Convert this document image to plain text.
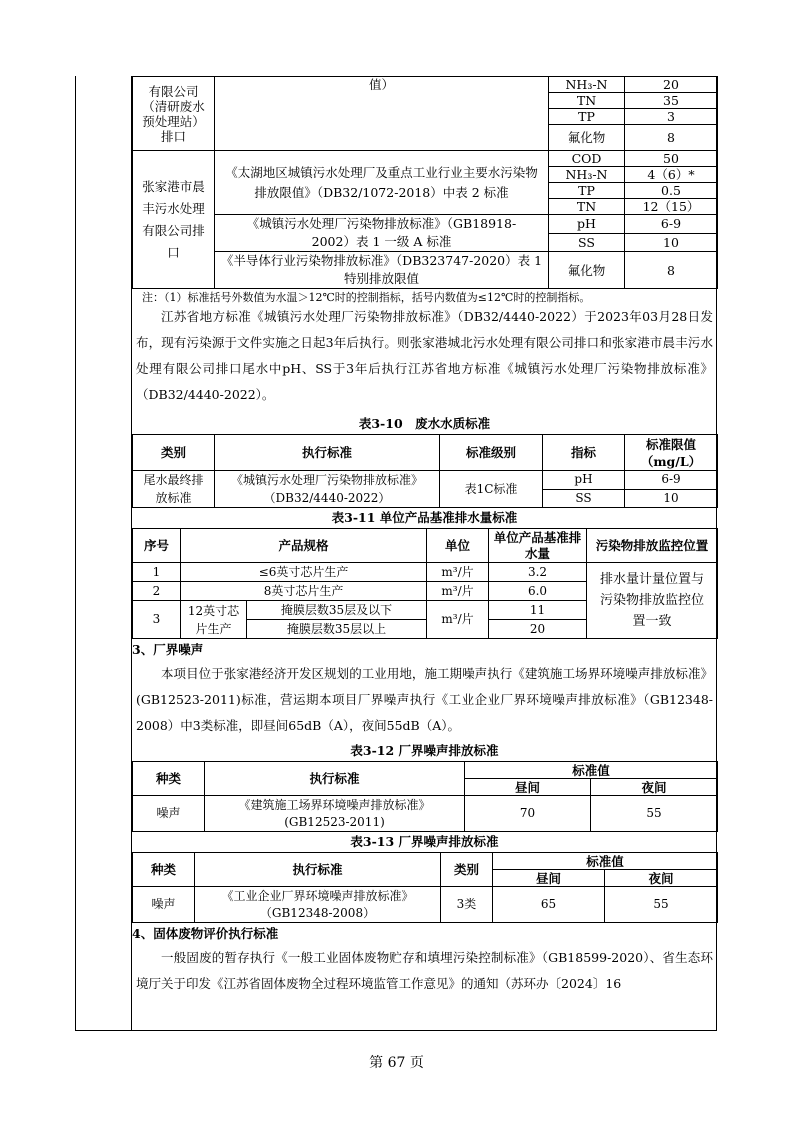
有限公司（清研废水预处理站）排口	值）	NH₃-N	20
		TN	35
		TP	3
		氟化物	8
张家港市晨丰污水处理有限公司排口	《太湖地区城镇污水处理厂及重点工业行业主要水污染物排放限值》（DB32/1072-2018）中表 2 标准	COD	50
		NH₃-N	4（6）*
		TP	0.5
		TN	12（15）
	《城镇污水处理厂污染物排放标准》（GB18918-2002）表 1 一级 A 标准	pH	6-9
		SS	10
	《半导体行业污染物排放标准》（DB323747-2020）表 1 特别排放限值	氟化物	8
注：（1）标准括号外数值为水温＞12℃时的控制指标，括号内数值为≤12℃时的控制指标。

江苏省地方标准《城镇污水处理厂污染物排放标准》（DB32/4440-2022）于2023年03月28日发布，现有污染源于文件实施之日起3年后执行。则张家港城北污水处理有限公司排口和张家港市晨丰污水处理有限公司排口尾水中pH、SS于3年后执行江苏省地方标准《城镇污水处理厂污染物排放标准》（DB32/4440-2022）。

表3-10　废水水质标准
类别	执行标准	标准级别	指标	标准限值（mg/L）
尾水最终排放标准	《城镇污水处理厂污染物排放标准》（DB32/4440-2022）	表1C标准	pH	6-9
			SS	10
表3-11 单位产品基准排水量标准
序号	产品规格		单位	单位产品基准排水量	污染物排放监控位置
1	≤6英寸芯片生产		m³/片	3.2	排水量计量位置与污染物排放监控位置一致
2	8英寸芯片生产		m³/片	6.0	
3	12英寸芯片生产	掩膜层数35层及以下	m³/片	11	
		掩膜层数35层以上		20	
3、厂界噪声

本项目位于张家港经济开发区规划的工业用地，施工期噪声执行《建筑施工场界环境噪声排放标准》(GB12523-2011)标准，营运期本项目厂界噪声执行《工业企业厂界环境噪声排放标准》（GB12348-2008）中3类标准，即昼间65dB（A），夜间55dB（A）。

表3-12 厂界噪声排放标准
种类	执行标准	标准值	
		昼间	夜间
噪声	《建筑施工场界环境噪声排放标准》(GB12523-2011)	70	55
表3-13 厂界噪声排放标准
种类	执行标准	类别	标准值	
			昼间	夜间
噪声	《工业企业厂界环境噪声排放标准》（GB12348-2008）	3类	65	55
4、固体废物评价执行标准

一般固废的暂存执行《一般工业固体废物贮存和填埋污染控制标准》（GB18599-2020）、省生态环境厅关于印发《江苏省固体废物全过程环境监管工作意见》的通知（苏环办〔2024〕16

第 67 页
